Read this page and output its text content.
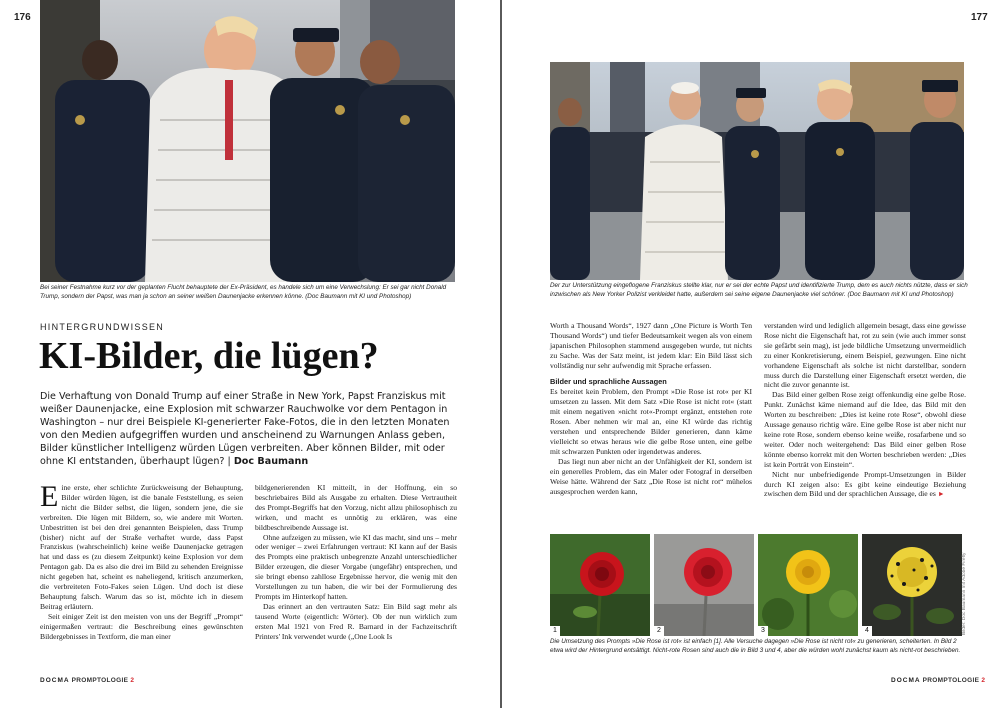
176
Bei seiner Festnahme kurz vor der geplanten Flucht behauptete der Ex-Präsident, es handele sich um eine Verwechslung: Er sei gar nicht Donald Trump, sondern der Papst, was man ja schon an seiner weißen Daunenjacke erkennen könne. (Doc Baumann mit KI und Photoshop)
HINTERGRUNDWISSEN
KI-Bilder, die lügen?
Die Verhaftung von Donald Trump auf einer Straße in New York, Papst Franziskus mit weißer Daunenjacke, eine Explosion mit schwarzer Rauchwolke vor dem Pentagon in Washington – nur drei Beispiele KI-generierter Fake-Fotos, die in den letzten Monaten von den Medien aufgegriffen wurden und anscheinend zu Warnungen Anlass geben, Bilder künstlicher Intelligenz würden Lügen verbreiten. Aber können Bilder, mit oder ohne KI entstanden, überhaupt lügen? | Doc Baumann

Eine erste, eher schlichte Zurückweisung der Behauptung, Bilder würden lügen, ist die banale Feststellung, es seien nicht die Bilder selbst, die lügen, sondern jene, die sie verbreiten. Die lügen mit Bildern, so, wie andere mit Worten. Unbestritten ist bei den drei genannten Beispielen, dass Trump (bisher) nicht auf der Straße verhaftet wurde, dass Papst Franziskus (wahrscheinlich) keine weiße Daunenjacke getragen hat und dass es (zu diesem Zeitpunkt) keine Explosion vor dem Pentagon gab. Da es also die drei im Bild zu sehenden Ereignisse nicht gegeben hat, scheint es naheliegend, kritisch anzumerken, die verbreiteten Foto-Fakes seien Lügen. Und doch ist diese Behauptung falsch. Warum das so ist, möchte ich in diesem Beitrag erläutern.

Seit einiger Zeit ist den meisten von uns der Begriff „Prompt“ einigermaßen vertraut: die Beschreibung eines gewünschten Bildergebnisses in Textform, die man einer

bildgenerierenden KI mitteilt, in der Hoffnung, ein so beschriebaires Bild als Ausgabe zu erhalten. Diese Vertrautheit des Prompt-Begriffs hat den Vorzug, nicht allzu philosophisch zu wirken, und macht es unnötig zu erklären, was eine bildbeschreibende Aussage ist.

Ohne aufzeigen zu müssen, wie KI das macht, sind uns – mehr oder weniger – zwei Erfahrungen vertraut: KI kann auf der Basis des Prompts eine praktisch unbegrenzte Anzahl unterschiedlicher Bilder erzeugen, die dieser Vorgabe (ungefähr) entsprechen, und sie bringt ebenso zahllose Ergebnisse hervor, die wenig mit den Vorstellungen zu tun haben, die wir bei der Formulierung des Prompts im Hinterkopf hatten.

Das erinnert an den vertrauten Satz: Ein Bild sagt mehr als tausend Worte (eigentlich: Wörter). Ob der nun wirklich zum ersten Mal 1921 von Fred R. Barnard in der Fachzeitschrift Printers' Ink verwendet wurde („One Look Is

DOCMA PROMPTOLOGIE 2
177
Der zur Unterstützung eingeflogene Franziskus stellte klar, nur er sei der echte Papst und identifizierte Trump, dem es auch nichts nützte, dass er sich inzwischen als New Yorker Polizist verkleidet hatte, außerdem sei seine eigene Daunenjacke viel schöner. (Doc Baumann mit KI und Photoshop)

Worth a Thousand Words“, 1927 dann „One Picture is Worth Ten Thousand Words“) und tiefer Bedeutsamkeit wegen als von einem japanischen Philosophen stammend ausgegeben wurde, tut nichts zu Sache. Was der Satz meint, ist jedem klar: Ein Bild lässt sich vollständig nur sehr aufwendig mit Sprache erfassen.

Bilder und sprachliche Aussagen

Es bereitet kein Problem, den Prompt »Die Rose ist rot« per KI umsetzen zu lassen. Mit dem Satz »Die Rose ist nicht rot« (statt mit einem negativen »nicht rot«-Prompt ergänzt, entstehen rote Rosen. Aber nehmen wir mal an, eine KI würde das richtig verstehen und entsprechende Bilder generieren, dann käme vielleicht so etwas heraus wie die gelbe Rose unten, eine gelbe mit schwarzen Punkten oder irgendetwas anderes.

Das liegt nun aber nicht an der Unfähigkeit der KI, sondern ist ein generelles Problem, das ein Maler oder Fotograf in derselben Weise hätte. Während der Satz „Die Rose ist nicht rot“ mühelos ausgesprochen werden kann,

verstanden wird und lediglich allgemein besagt, dass eine gewisse Rose nicht die Eigenschaft hat, rot zu sein (wie auch immer sonst sie gefärbt sein mag), ist jede bildliche Umsetzung unvermeidlich zu einer Konkretisierung, einem Beispiel, gezwungen. Eine nicht vorhandene Eigenschaft als solche ist nicht darstellbar, sondern muss durch die Darstellung einer Eigenschaft ersetzt werden, die nicht die zuvor genannte ist.

Das Bild einer gelben Rose zeigt offenkundig eine gelbe Rose. Punkt. Zunächst käme niemand auf die Idee, das Bild mit den Worten zu beschreiben: „Dies ist keine rote Rose“, obwohl diese Aussage genauso richtig wäre. Eine gelbe Rose ist aber nicht nur keine rote Rose, sondern ebenso keine weiße, rosafarbene und so weiter. Oder noch weitergehend: Das Bild einer gelben Rose könnte ebenso korrekt mit den Worten beschrieben werden: „Dies ist kein Porträt von Einstein“.

Nicht nur unbefriedigende Prompt-Umsetzungen in Bilder durch KI zeigen also: Es gibt keine eindeutige Beziehung zwischen dem Bild und der sprachlichen Aussage, die es ►

1	2	3	4
Die Umsetzung des Prompts »Die Rose ist rot« ist einfach [1]. Alle Versuche dagegen »Die Rose ist nicht rot« zu generieren, scheiterten. In Bild 2 etwa wird der Hintergrund entsättigt. Nicht-rote Rosen sind auch die in Bild 3 und 4, aber die würden wohl zunächst kaum als nicht-rot beschrieben.
DOCMA PROMPTOLOGIE 2
Bilder: Doc Baumann mit Adobe Firefly
